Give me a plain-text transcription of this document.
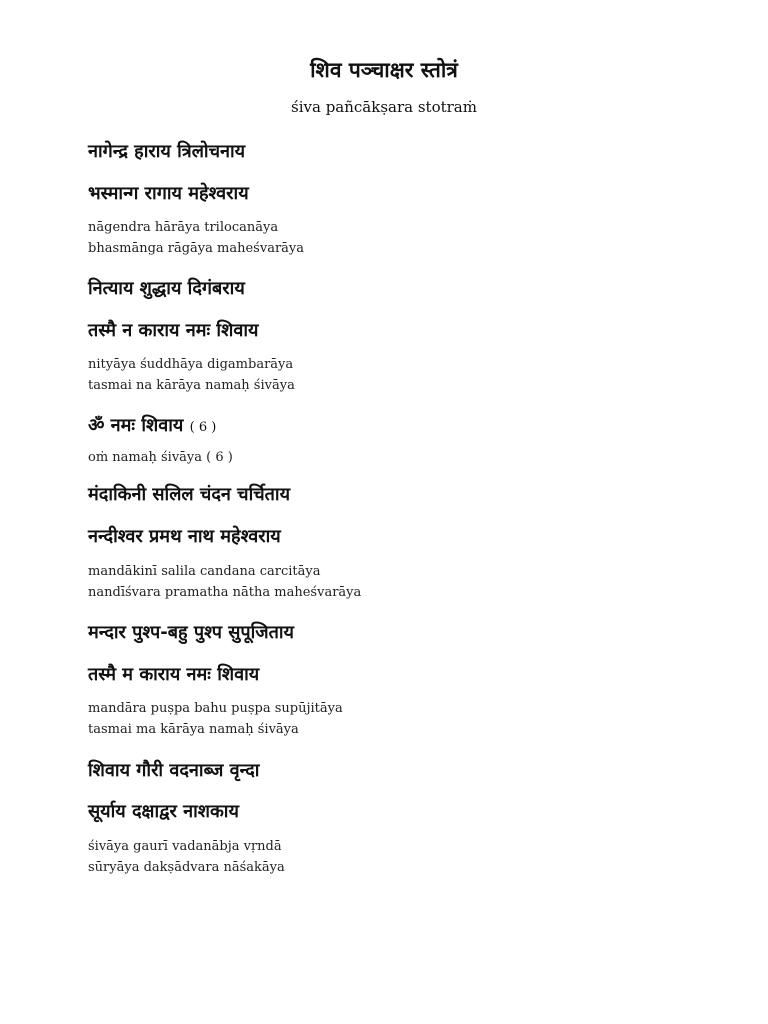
शिव पञ्चाक्षर स्तोत्रं
śiva pañcākṣara stotraṁ
नागेन्द्र हाराय त्रिलोचनाय
भस्मान्ग रागाय महेश्वराय
nāgendra hārāya trilocanāya
bhasmānga rāgāya maheśvarāya
नित्याय शुद्धाय दिगंबराय
तस्मै न काराय नमः शिवाय
nityāya śuddhāya digambarāya
tasmai na kārāya namaḥ śivāya
ॐ नमः शिवाय ( 6 )
oṁ namaḥ śivāya ( 6 )
मंदाकिनी सलिल चंदन चर्चिताय
नन्दीश्वर प्रमथ नाथ महेश्वराय
mandākinī salila candana carcitāya
nandīśvara pramatha nātha maheśvarāya
मन्दार पुश्प-बहु पुश्प सुपूजिताय
तस्मै म काराय नमः शिवाय
mandāra puṣpa bahu puṣpa supūjitāya
tasmai ma kārāya namaḥ śivāya
शिवाय गौरी वदनाब्ज वृन्दा
सूर्याय दक्षाद्वर नाशकाय
śivāya gaurī vadanābja vṛndā
sūryāya dakṣādvara nāśakāya
